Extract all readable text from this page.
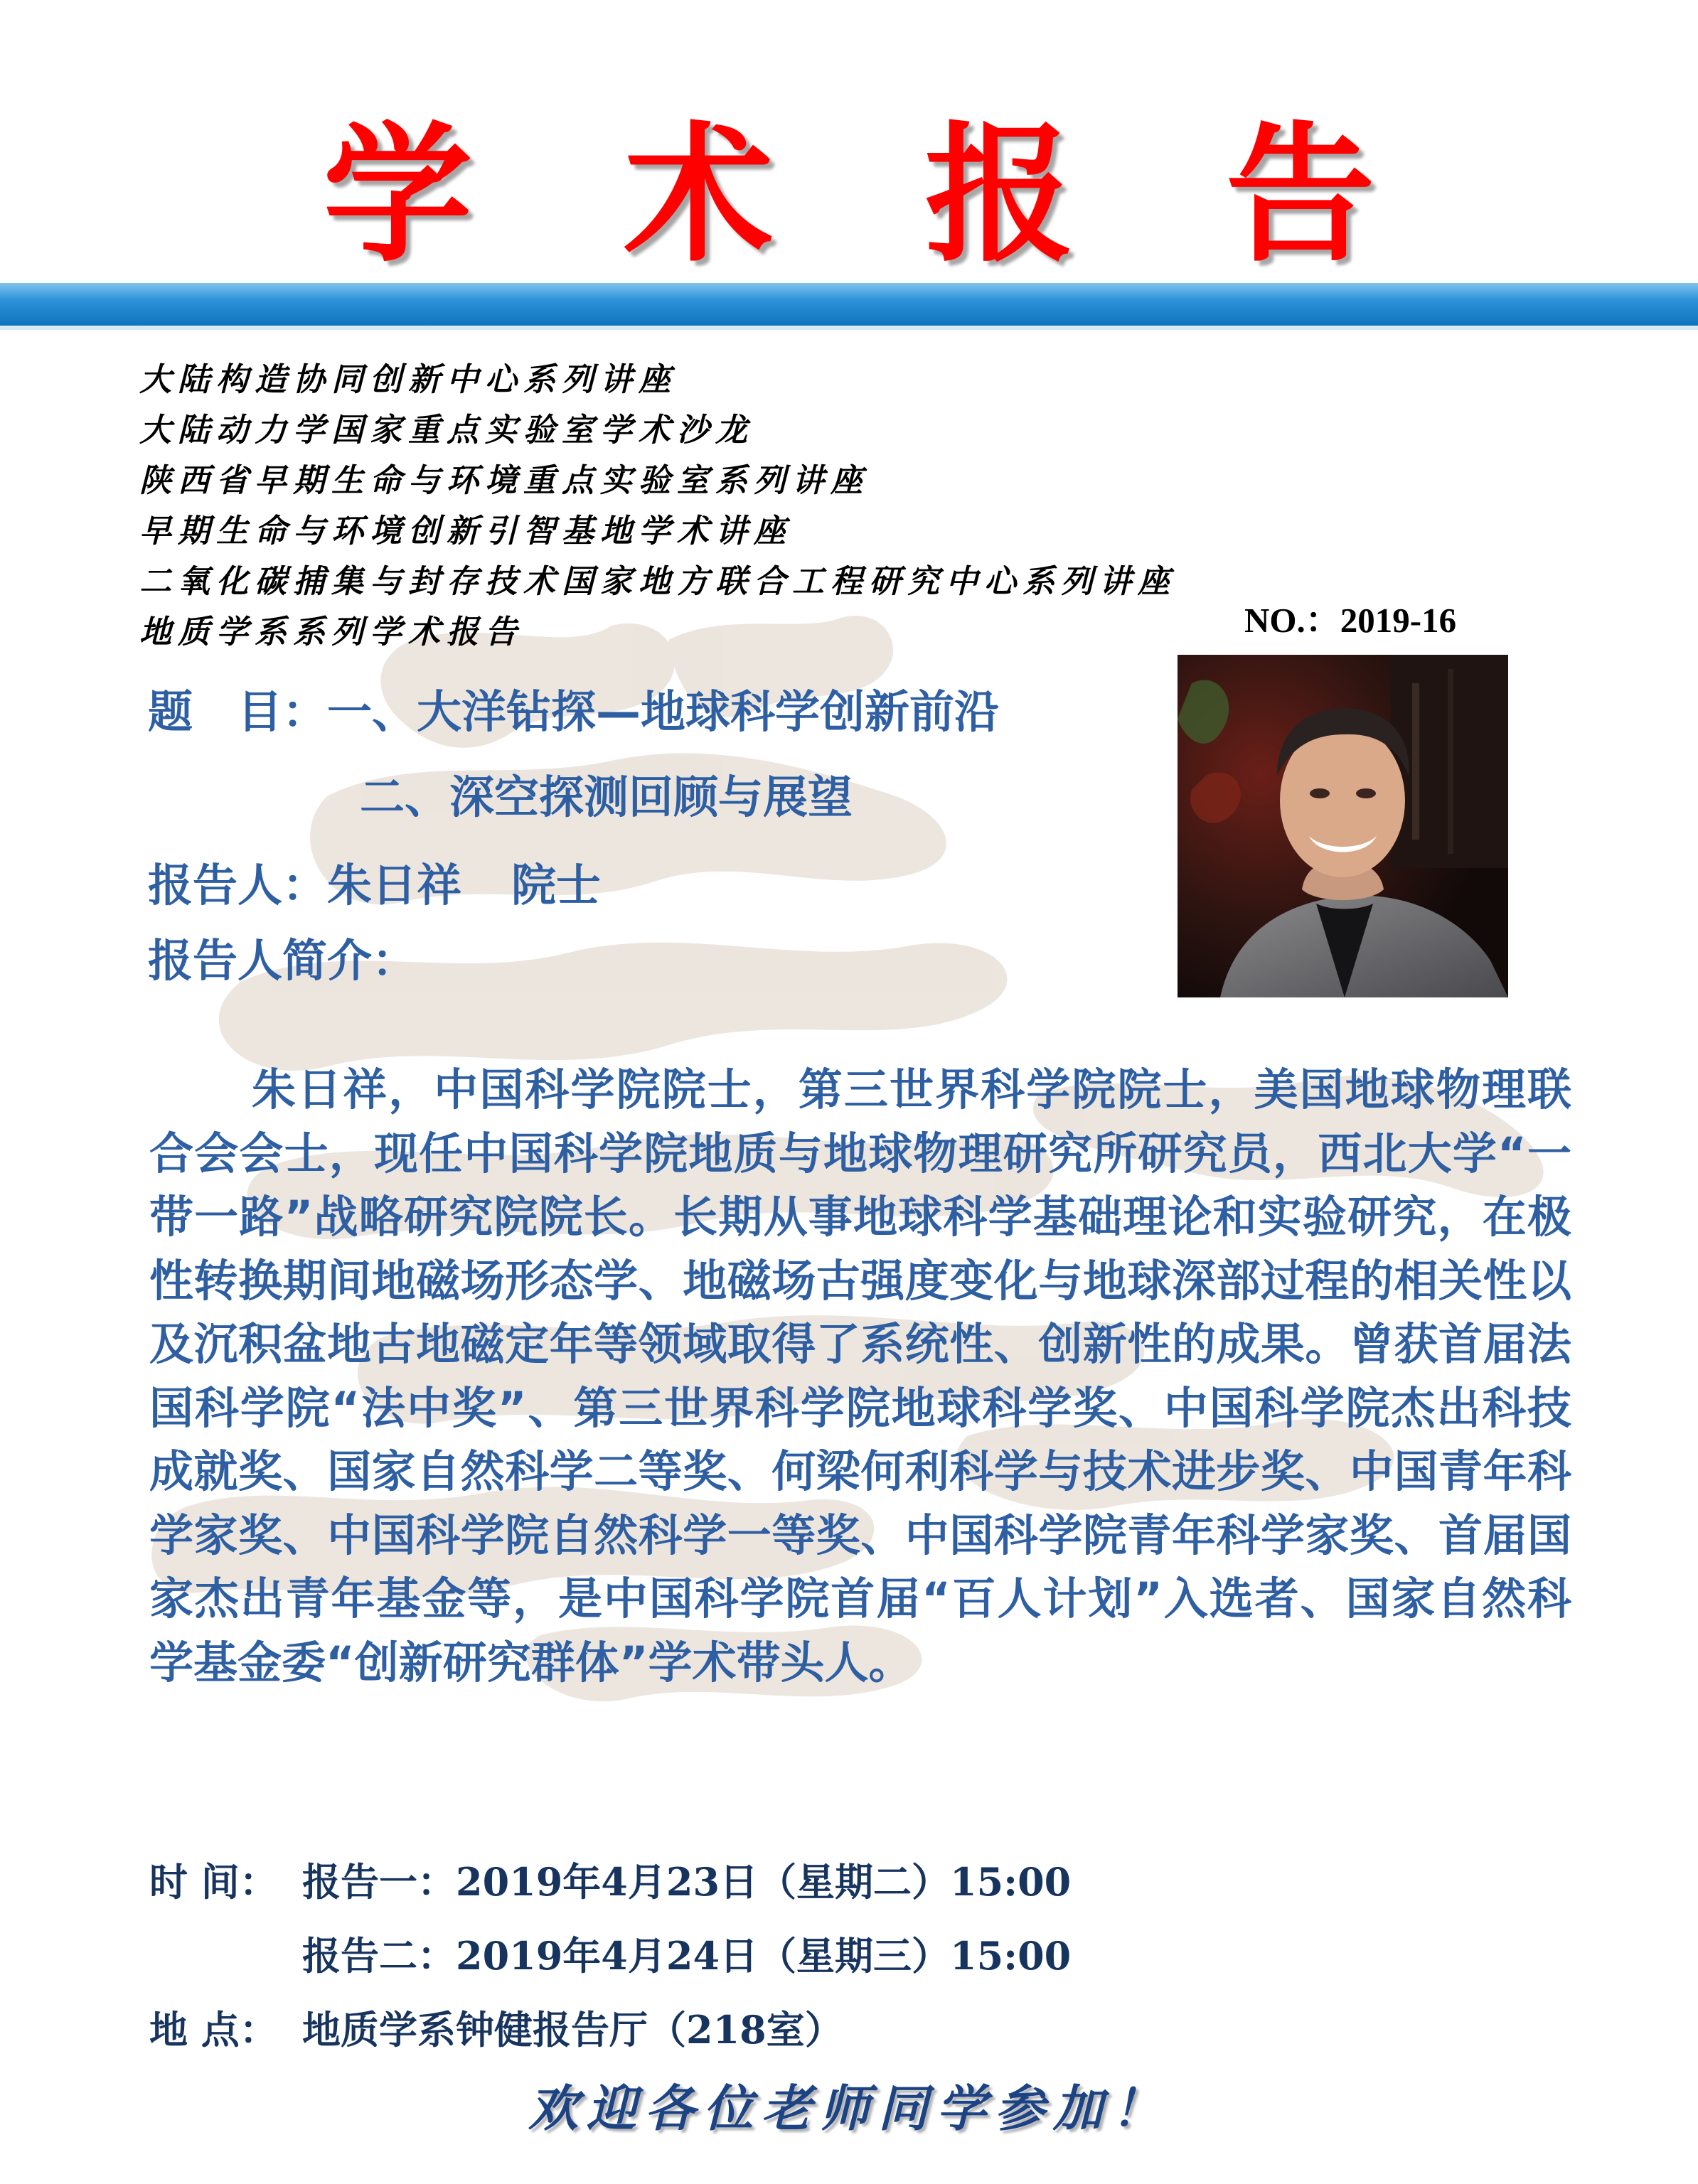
学 术 报 告
大陆构造协同创新中心系列讲座
大陆动力学国家重点实验室学术沙龙
陕西省早期生命与环境重点实验室系列讲座
早期生命与环境创新引智基地学术讲座
二氧化碳捕集与封存技术国家地方联合工程研究中心系列讲座
地质学系系列学术报告	NO.：2019-16
题　目：一、大洋钻探—地球科学创新前沿
二、深空探测回顾与展望
报告人：朱日祥 院士
报告人简介：
朱日祥，中国科学院院士，第三世界科学院院士，美国地球物理联合会会士，现任中国科学院地质与地球物理研究所研究员，西北大学“一带一路”战略研究院院长。长期从事地球科学基础理论和实验研究，在极性转换期间地磁场形态学、地磁场古强度变化与地球深部过程的相关性以及沉积盆地古地磁定年等领域取得了系统性、创新性的成果。曾获首届法国科学院“法中奖”、第三世界科学院地球科学奖、中国科学院杰出科技成就奖、国家自然科学二等奖、何梁何利科学与技术进步奖、中国青年科学家奖、中国科学院自然科学一等奖、中国科学院青年科学家奖、首届国家杰出青年基金等，是中国科学院首届“百人计划”入选者、国家自然科学基金委“创新研究群体”学术带头人。
时 间： 报告一：2019年4月23日（星期二）15:00
报告二：2019年4月24日（星期三）15:00
地 点： 地质学系钟健报告厅（218室）
欢迎各位老师同学参加！
